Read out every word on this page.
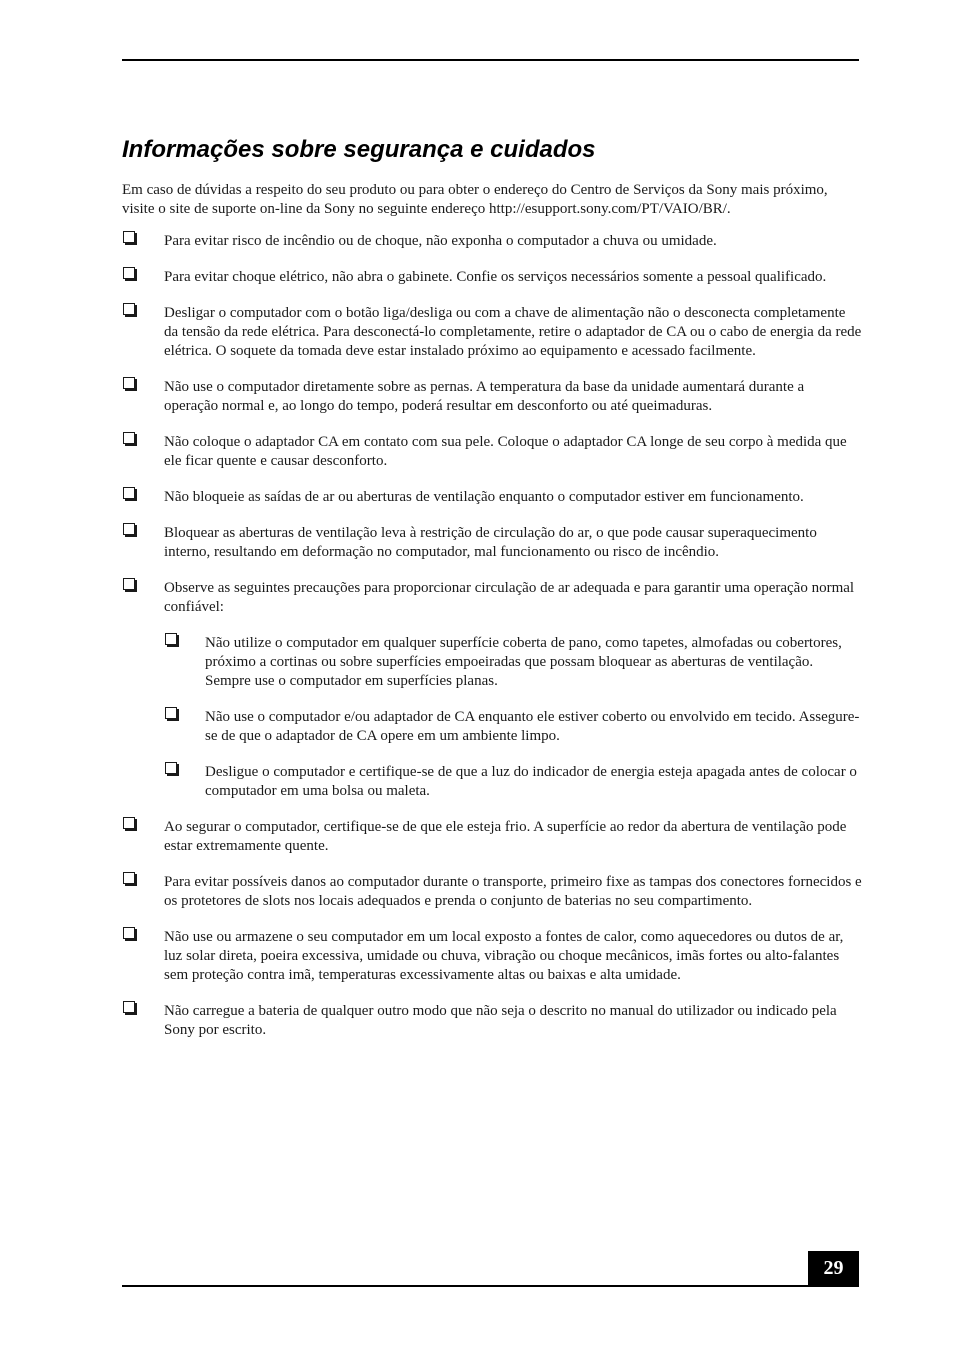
Informações sobre segurança e cuidados

Em caso de dúvidas a respeito do seu produto ou para obter o endereço do Centro de Serviços da Sony mais próximo, visite o site de suporte on-line da Sony no seguinte endereço http://esupport.sony.com/PT/VAIO/BR/.

Para evitar risco de incêndio ou de choque, não exponha o computador a chuva ou umidade.
Para evitar choque elétrico, não abra o gabinete. Confie os serviços necessários somente a pessoal qualificado.
Desligar o computador com o botão liga/desliga ou com a chave de alimentação não o desconecta completamente da tensão da rede elétrica. Para desconectá-lo completamente, retire o adaptador de CA ou o cabo de energia da rede elétrica. O soquete da tomada deve estar instalado próximo ao equipamento e acessado facilmente.
Não use o computador diretamente sobre as pernas. A temperatura da base da unidade aumentará durante a operação normal e, ao longo do tempo, poderá resultar em desconforto ou até queimaduras.
Não coloque o adaptador CA em contato com sua pele. Coloque o adaptador CA longe de seu corpo à medida que ele ficar quente e causar desconforto.
Não bloqueie as saídas de ar ou aberturas de ventilação enquanto o computador estiver em funcionamento.
Bloquear as aberturas de ventilação leva à restrição de circulação do ar, o que pode causar superaquecimento interno, resultando em deformação no computador, mal funcionamento ou risco de incêndio.
Observe as seguintes precauções para proporcionar circulação de ar adequada e para garantir uma operação normal confiável:
Não utilize o computador em qualquer superfície coberta de pano, como tapetes, almofadas ou cobertores, próximo a cortinas ou sobre superfícies empoeiradas que possam bloquear as aberturas de ventilação. Sempre use o computador em superfícies planas.
Não use o computador e/ou adaptador de CA enquanto ele estiver coberto ou envolvido em tecido. Assegure-se de que o adaptador de CA opere em um ambiente limpo.
Desligue o computador e certifique-se de que a luz do indicador de energia esteja apagada antes de colocar o computador em uma bolsa ou maleta.
Ao segurar o computador, certifique-se de que ele esteja frio. A superfície ao redor da abertura de ventilação pode estar extremamente quente.
Para evitar possíveis danos ao computador durante o transporte, primeiro fixe as tampas dos conectores fornecidos e os protetores de slots nos locais adequados e prenda o conjunto de baterias no seu compartimento.
Não use ou armazene o seu computador em um local exposto a fontes de calor, como aquecedores ou dutos de ar, luz solar direta, poeira excessiva, umidade ou chuva, vibração ou choque mecânicos, imãs fortes ou alto-falantes sem proteção contra imã, temperaturas excessivamente altas ou baixas e alta umidade.
Não carregue a bateria de qualquer outro modo que não seja o descrito no manual do utilizador ou indicado pela Sony por escrito.
29
